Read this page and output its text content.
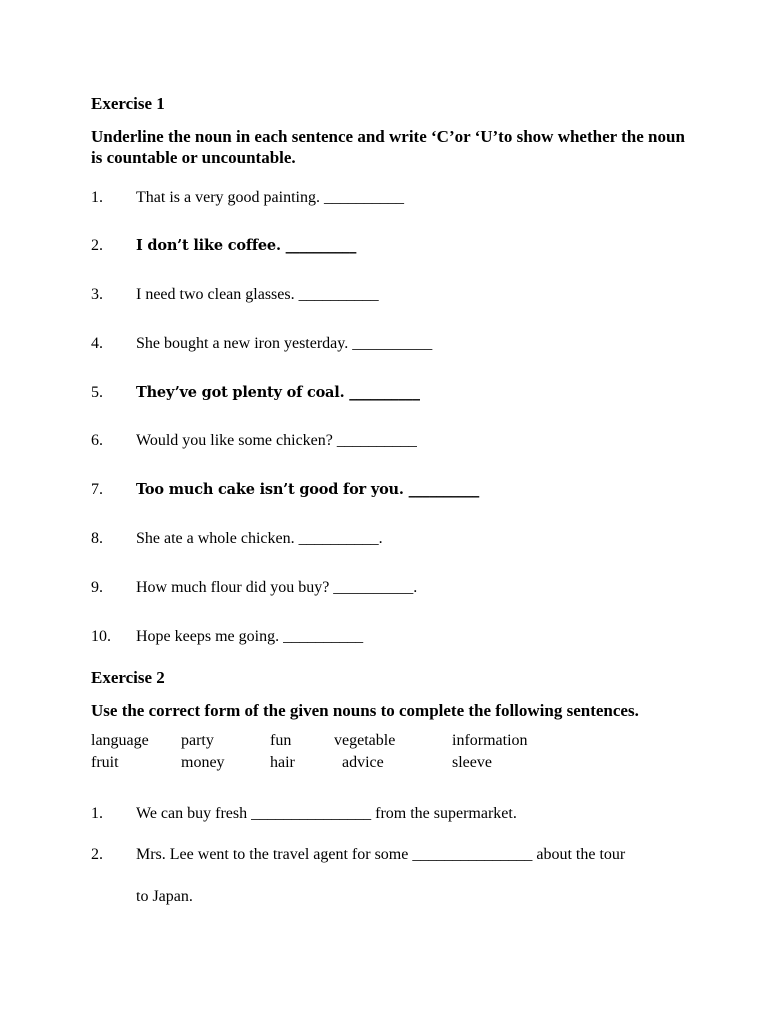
Exercise 1
Underline the noun in each sentence and write ‘C’or ‘U’to show whether the noun is countable or uncountable.
1. That is a very good painting. __________
2. I don’t like coffee. __________
3. I need two clean glasses. __________
4. She bought a new iron yesterday. __________
5. They’ve got plenty of coal. __________
6. Would you like some chicken? __________
7. Too much cake isn’t good for you. __________
8. She ate a whole chicken. __________.
9. How much flour did you buy? __________.
10. Hope keeps me going. __________
Exercise 2
Use the correct form of the given nouns to complete the following sentences.
language party	fun	vegetable	information
fruit	money	hair	advice	sleeve
1. We can buy fresh _______________ from the supermarket.
2. Mrs. Lee went to the travel agent for some _______________ about the tour
to Japan.
